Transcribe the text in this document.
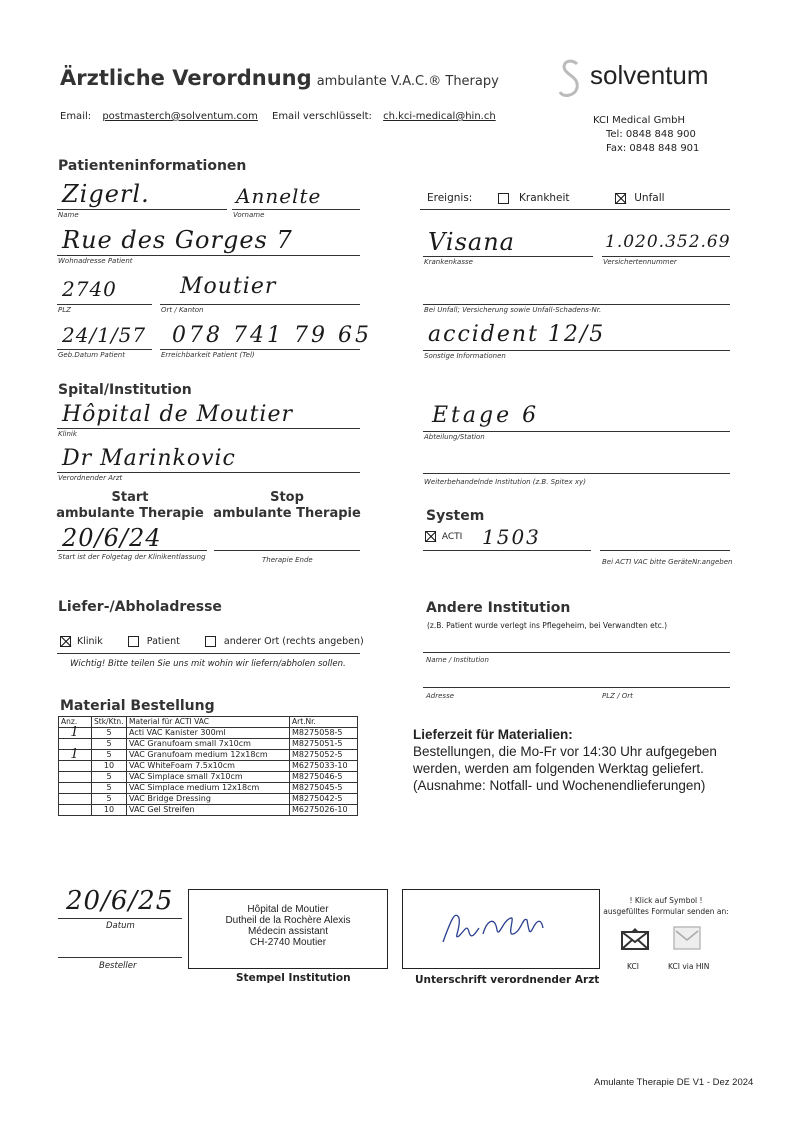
Ärztliche Verordnung ambulante V.A.C.® Therapy	solventum
Email: postmasterch@solventum.com Email verschlüsselt: ch.kci-medical@hin.ch	KCI Medical GmbH
Tel: 0848 848 900
Fax: 0848 848 901
Patienteninformationen
Zigerl.
Name
Annelte
Vorname
Rue des Gorges 7
Wohnadresse Patient
2740
PLZ
Moutier
Ort / Kanton
24/1/57
Geb.Datum Patient
078 741 79 65
Erreichbarkeit Patient (Tel)
Ereignis:	Krankheit	Unfall
Visana
Krankenkasse
1.020.352.69
Versichertennummer
Bei Unfall; Versicherung sowie Unfall-Schadens-Nr.
accident 12/5
Sonstige Informationen
Spital/Institution
Hôpital de Moutier
Klinik
Etage 6
Abteilung/Station
Dr Marinkovic
Verordnender Arzt	Weiterbehandelnde Institution (z.B. Spitex xy)
Start
ambulante Therapie
Stop
ambulante Therapie
20/6/24
Start ist der Folgetag der Klinikentlassung	Therapie Ende
System
ACTI 1503
Bei ACTI VAC bitte GeräteNr.angeben
Liefer-/Abholadresse
Klinik	Patient	anderer Ort (rechts angeben)
Wichtig! Bitte teilen Sie uns mit wohin wir liefern/abholen sollen.
Andere Institution
(z.B. Patient wurde verlegt ins Pflegeheim, bei Verwandten etc.)
Name / Institution
Adresse	PLZ / Ort
Material Bestellung
Anz.	Stk/Ktn.	Material für ACTI VAC	Art.Nr.
1	5	Acti VAC Kanister 300ml	M8275058-5
	5	VAC Granufoam small 7x10cm	M8275051-5
1	5	VAC Granufoam medium 12x18cm	M8275052-5
	10	VAC WhiteFoam 7.5x10cm	M6275033-10
	5	VAC Simplace small 7x10cm	M8275046-5
	5	VAC Simplace medium 12x18cm	M8275045-5
	5	VAC Bridge Dressing	M8275042-5
	10	VAC Gel Streifen	M6275026-10
Lieferzeit für Materialien:
Bestellungen, die Mo-Fr vor 14:30 Uhr aufgegeben
werden, werden am folgenden Werktag geliefert.
(Ausnahme: Notfall- und Wochenendlieferungen)
20/6/25
Datum
Besteller
Hôpital de Moutier
Dutheil de la Rochère Alexis
Médecin assistant
CH-2740 Moutier
Stempel Institution	Unterschrift verordnender Arzt
! Klick auf Symbol !
ausgefülltes Formular senden an:
KCI	KCI via HIN
Amulante Therapie DE V1 - Dez 2024
